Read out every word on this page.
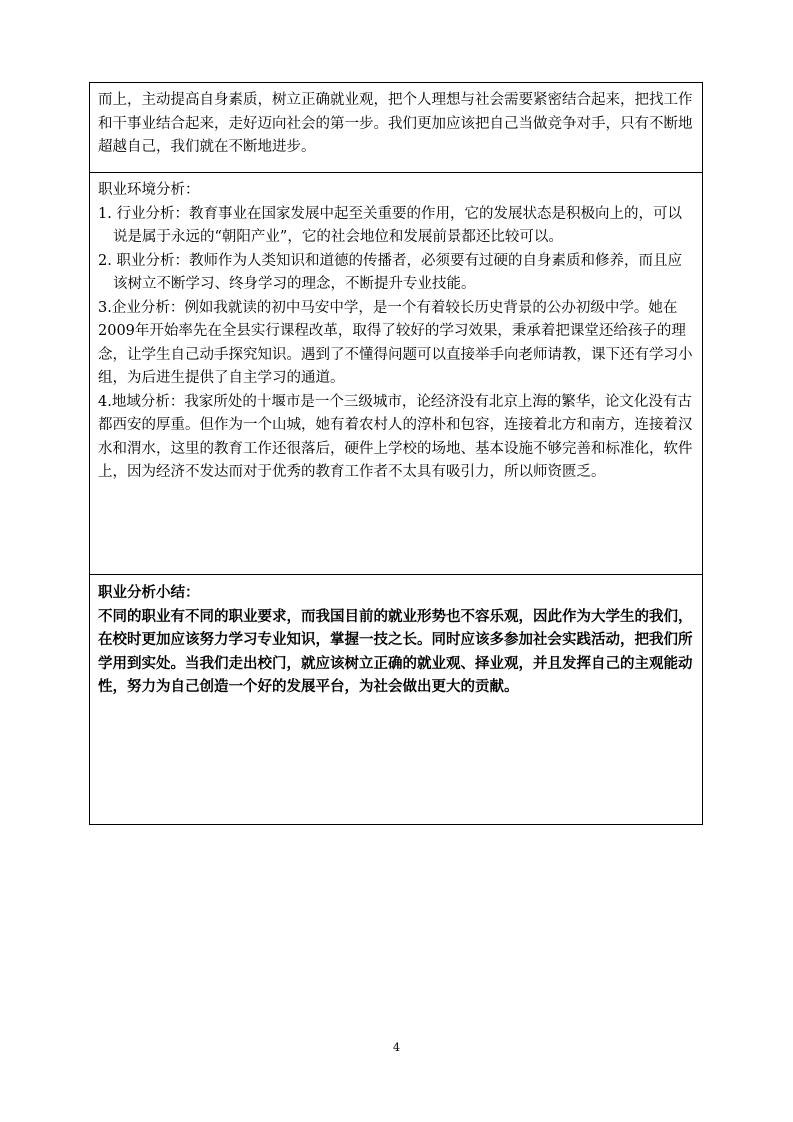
而上，主动提高自身素质，树立正确就业观，把个人理想与社会需要紧密结合起来，把找工作和干事业结合起来，走好迈向社会的第一步。我们更加应该把自己当做竞争对手，只有不断地超越自己，我们就在不断地进步。

职业环境分析：

1. 行业分析：教育事业在国家发展中起至关重要的作用，它的发展状态是积极向上的，可以说是属于永远的“朝阳产业”，它的社会地位和发展前景都还比较可以。

2. 职业分析：教师作为人类知识和道德的传播者，必须要有过硬的自身素质和修养，而且应该树立不断学习、终身学习的理念，不断提升专业技能。

3.企业分析：例如我就读的初中马安中学，是一个有着较长历史背景的公办初级中学。她在2009年开始率先在全县实行课程改革，取得了较好的学习效果，秉承着把课堂还给孩子的理念，让学生自己动手探究知识。遇到了不懂得问题可以直接举手向老师请教，课下还有学习小组，为后进生提供了自主学习的通道。

4.地域分析：我家所处的十堰市是一个三级城市，论经济没有北京上海的繁华，论文化没有古都西安的厚重。但作为一个山城，她有着农村人的淳朴和包容，连接着北方和南方，连接着汉水和渭水，这里的教育工作还很落后，硬件上学校的场地、基本设施不够完善和标准化，软件上，因为经济不发达而对于优秀的教育工作者不太具有吸引力，所以师资匮乏。

职业分析小结：

不同的职业有不同的职业要求，而我国目前的就业形势也不容乐观，因此作为大学生的我们，在校时更加应该努力学习专业知识，掌握一技之长。同时应该多参加社会实践活动，把我们所学用到实处。当我们走出校门，就应该树立正确的就业观、择业观，并且发挥自己的主观能动性，努力为自己创造一个好的发展平台，为社会做出更大的贡献。

4
